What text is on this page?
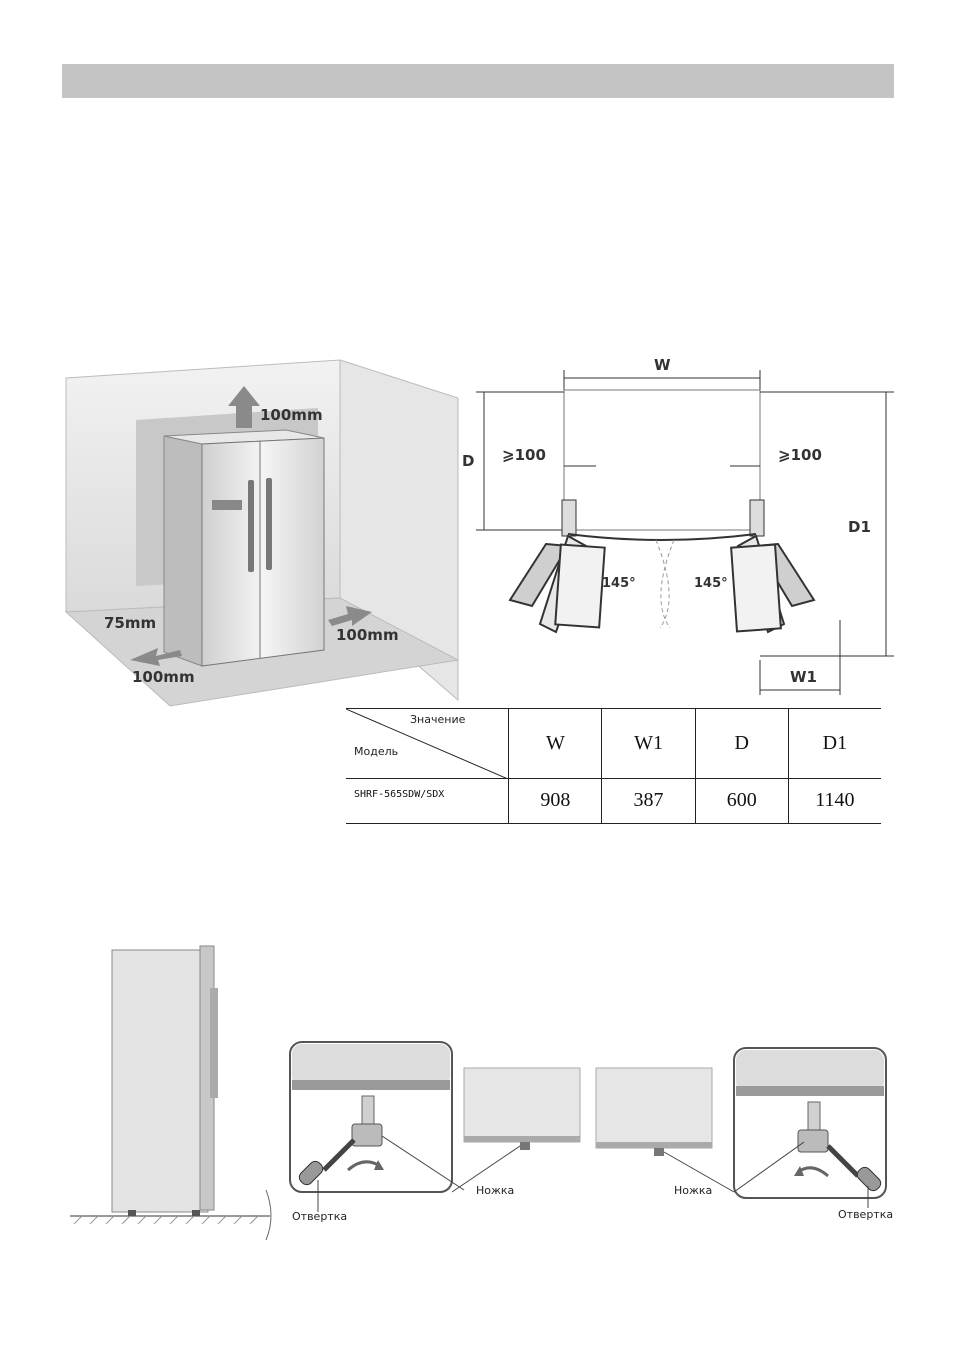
100mm
75mm
100mm
100mm
W
D
D1
W1
⩾100	⩾100
145°	145°
Значение
Модель	W	W1	D	D1
SHRF-565SDW/SDX	908	387	600	1140
Ножка
Отвертка
Ножка
Отвертка
